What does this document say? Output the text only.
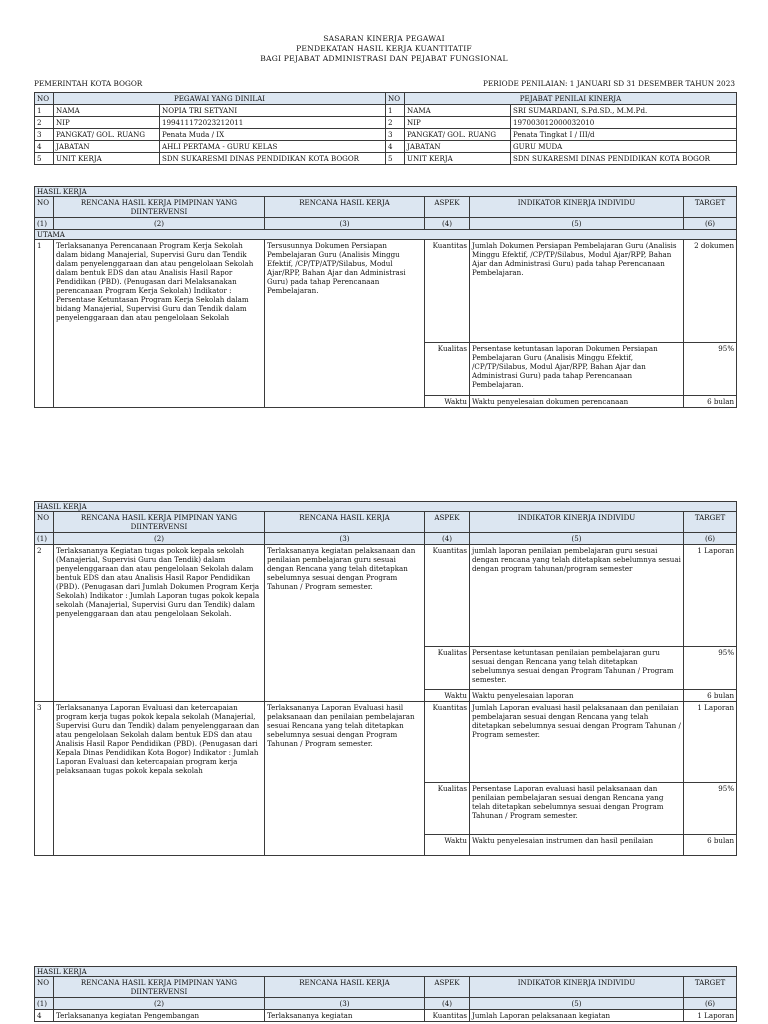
SASARAN KINERJA PEGAWAI
PENDEKATAN HASIL KERJA KUANTITATIF
BAGI PEJABAT ADMINISTRASI DAN PEJABAT FUNGSIONAL
PEMERINTAH KOTA BOGOR	PERIODE PENILAIAN: 1 JANUARI SD 31 DESEMBER TAHUN 2023
NO	PEGAWAI YANG DINILAI		NO	PEJABAT PENILAI KINERJA	
1	NAMA	NOPIA TRI SETYANI	1	NAMA	SRI SUMARDANI, S.Pd.SD., M.M.Pd.
2	NIP	199411172023212011	2	NIP	197003012000032010
3	PANGKAT/ GOL. RUANG	Penata Muda / IX	3	PANGKAT/ GOL. RUANG	Penata Tingkat I / III/d
4	JABATAN	AHLI PERTAMA - GURU KELAS	4	JABATAN	GURU MUDA
5	UNIT KERJA	SDN SUKARESMI DINAS PENDIDIKAN KOTA BOGOR	5	UNIT KERJA	SDN SUKARESMI DINAS PENDIDIKAN KOTA BOGOR
HASIL KERJA					
NO	RENCANA HASIL KERJA PIMPINAN YANG DIINTERVENSI	RENCANA HASIL KERJA	ASPEK	INDIKATOR KINERJA INDIVIDU	TARGET
(1)	(2)	(3)	(4)	(5)	(6)
UTAMA					
1	Terlaksananya Perencanaan Program Kerja Sekolah dalam bidang Manajerial, Supervisi Guru dan Tendik dalam penyelenggaraan dan atau pengelolaan Sekolah dalam bentuk EDS dan atau Analisis Hasil Rapor Pendidikan (PBD). (Penugasan dari Melaksanakan perencanaan Program Kerja Sekolah) Indikator : Persentase Ketuntasan Program Kerja Sekolah dalam bidang Manajerial, Supervisi Guru dan Tendik dalam penyelenggaraan dan atau pengelolaan Sekolah	Tersusunnya Dokumen Persiapan Pembelajaran Guru (Analisis Minggu Efektif, /CP/TP/ATP/Silabus, Modul Ajar/RPP, Bahan Ajar dan Administrasi Guru) pada tahap Perencanaan Pembelajaran.	Kuantitas	Jumlah Dokumen Persiapan Pembelajaran Guru (Analisis Minggu Efektif, /CP/TP/Silabus, Modul Ajar/RPP, Bahan Ajar dan Administrasi Guru) pada tahap Perencanaan Pembelajaran.	2 dokumen
			Kualitas	Persentase ketuntasan laporan Dokumen Persiapan Pembelajaran Guru (Analisis Minggu Efektif, /CP/TP/Silabus, Modul Ajar/RPP, Bahan Ajar dan Administrasi Guru) pada tahap Perencanaan Pembelajaran.	95%
			Waktu	Waktu penyelesaian dokumen perencanaan	6 bulan
HASIL KERJA					
NO	RENCANA HASIL KERJA PIMPINAN YANG DIINTERVENSI	RENCANA HASIL KERJA	ASPEK	INDIKATOR KINERJA INDIVIDU	TARGET
(1)	(2)	(3)	(4)	(5)	(6)
2	Terlaksananya Kegiatan tugas pokok kepala sekolah (Manajerial, Supervisi Guru dan Tendik) dalam penyelenggaraan dan atau pengelolaan Sekolah dalam bentuk EDS dan atau Analisis Hasil Rapor Pendidikan (PBD). (Penugasan dari Jumlah Dokumen Program Kerja Sekolah) Indikator : Jumlah Laporan tugas pokok kepala sekolah (Manajerial, Supervisi Guru dan Tendik) dalam penyelenggaraan dan atau pengelolaan Sekolah.	Terlaksananya kegiatan pelaksanaan dan penilaian pembelajaran guru sesuai dengan Rencana yang telah ditetapkan sebelumnya sesuai dengan Program Tahunan / Program semester.	Kuantitas	jumlah laporan penilaian pembelajaran guru sesuai dengan rencana yang telah ditetapkan sebelumnya sesuai dengan program tahunan/program semester	1 Laporan
			Kualitas	Persentase ketuntasan penilaian pembelajaran guru sesuai dengan Rencana yang telah ditetapkan sebelumnya sesuai dengan Program Tahunan / Program semester.	95%
			Waktu	Waktu penyelesaian laporan	6 bulan
3	Terlaksananya Laporan Evaluasi dan ketercapaian program kerja tugas pokok kepala sekolah (Manajerial, Supervisi Guru dan Tendik) dalam penyelenggaraan dan atau pengelolaan Sekolah dalam bentuk EDS dan atau Analisis Hasil Rapor Pendidikan (PBD). (Penugasan dari Kepala Dinas Pendidikan Kota Bogor) Indikator : Jumlah Laporan Evaluasi dan ketercapaian program kerja pelaksanaan tugas pokok kepala sekolah	Terlaksananya Laporan Evaluasi hasil pelaksanaan dan penilaian pembelajaran sesuai Rencana yang telah ditetapkan sebelumnya sesuai dengan Program Tahunan / Program semester.	Kuantitas	Jumlah Laporan evaluasi hasil pelaksanaan dan penilaian pembelajaran sesuai dengan Rencana yang telah ditetapkan sebelumnya sesuai dengan Program Tahunan / Program semester.	1 Laporan
			Kualitas	Persentase Laporan evaluasi hasil pelaksanaan dan penilaian pembelajaran sesuai dengan Rencana yang telah ditetapkan sebelumnya sesuai dengan Program Tahunan / Program semester.	95%
			Waktu	Waktu penyelesaian instrumen dan hasil penilaian	6 bulan
HASIL KERJA					
NO	RENCANA HASIL KERJA PIMPINAN YANG DIINTERVENSI	RENCANA HASIL KERJA	ASPEK	INDIKATOR KINERJA INDIVIDU	TARGET
(1)	(2)	(3)	(4)	(5)	(6)
4	Terlaksananya kegiatan Pengembangan	Terlaksananya kegiatan	Kuantitas	Jumlah Laporan pelaksanaan kegiatan	1 Laporan
